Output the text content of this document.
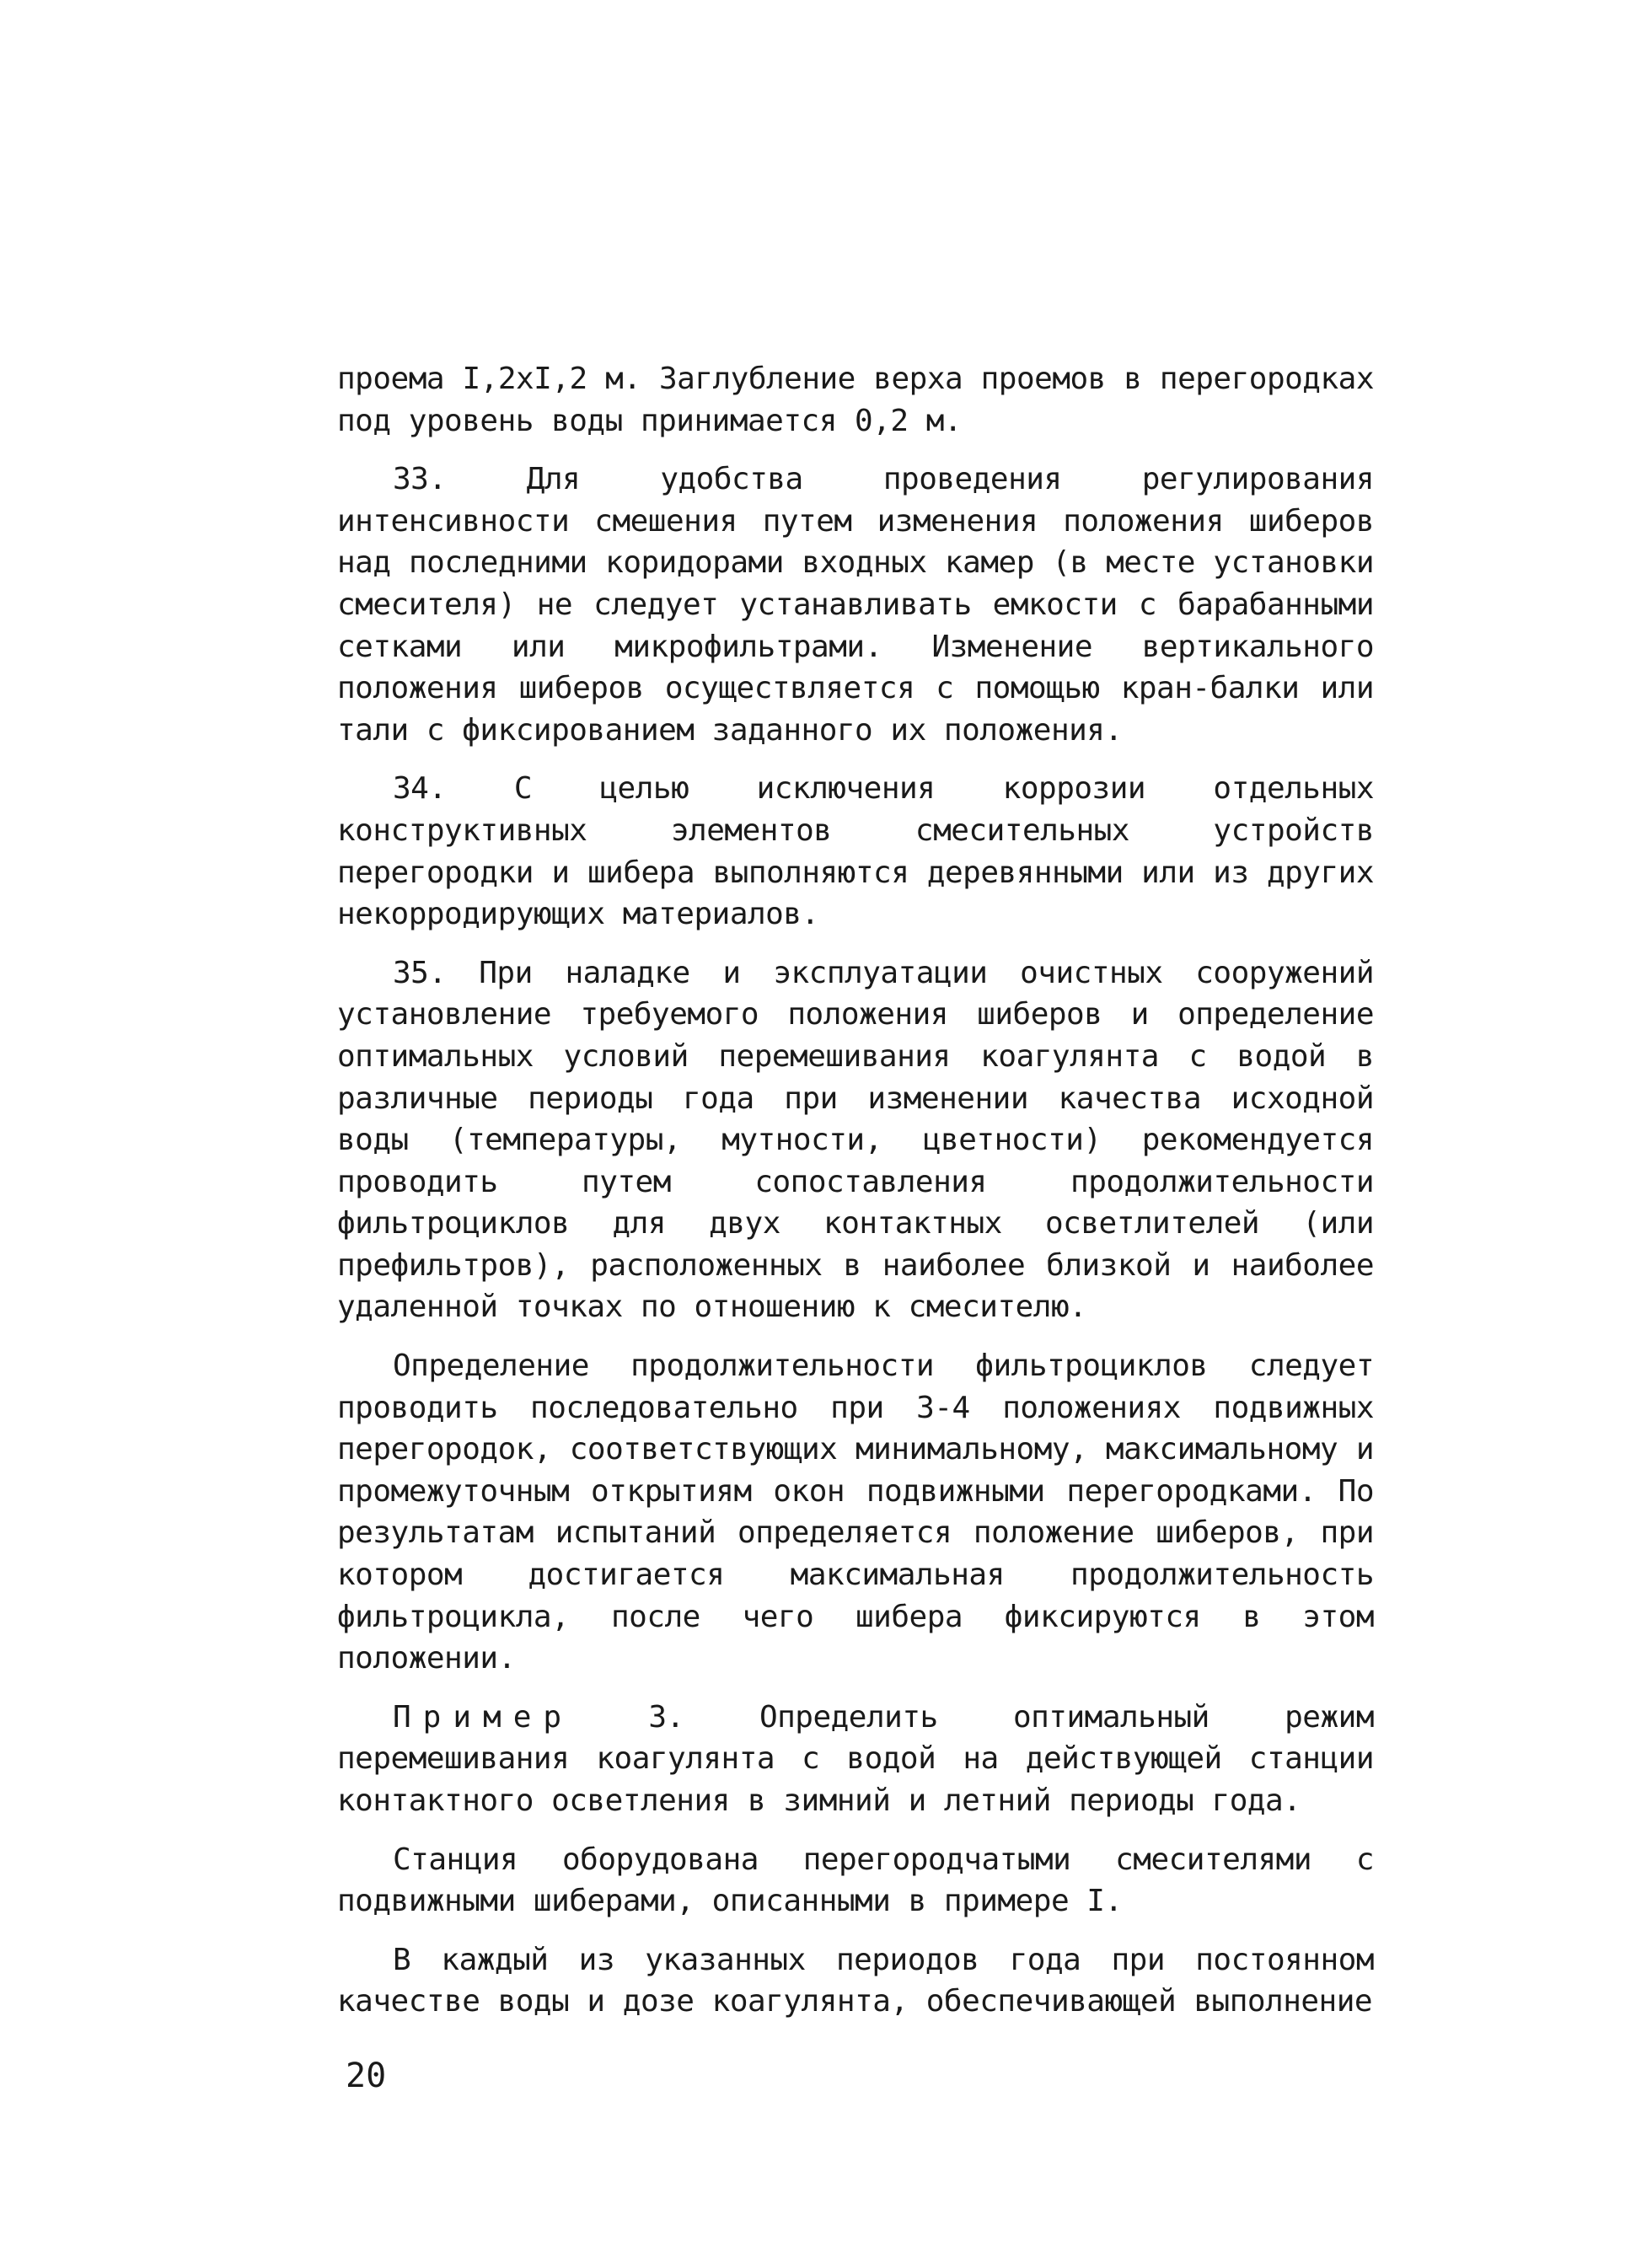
проема I,2xI,2 м. Заглубление верха проемов в перегородках под уровень воды принимается 0,2 м.

33. Для удобства проведения регулирования интенсивности смешения путем изменения положения шиберов над последними коридорами входных камер (в месте установки смесителя) не следует устанавливать емкости с барабанными сетками или микрофильтрами. Изменение вертикального положения шиберов осуществляется с помощью кран-балки или тали с фиксированием заданного их положения.

34. С целью исключения коррозии отдельных конструктивных элементов смесительных устройств перегородки и шибера выполняются деревянными или из других некорродирующих материалов.

35. При наладке и эксплуатации очистных сооружений установление требуемого положения шиберов и определение оптимальных условий перемешивания коагулянта с водой в различные периоды года при изменении качества исходной воды (температуры, мутности, цветности) рекомендуется проводить путем сопоставления продолжительности фильтроциклов для двух контактных осветлителей (или префильтров), расположенных в наиболее близкой и наиболее удаленной точках по отношению к смесителю.

Определение продолжительности фильтроциклов следует проводить последовательно при 3-4 положениях подвижных перегородок, соответствующих минимальному, максимальному и промежуточным открытиям окон подвижными перегородками. По результатам испытаний определяется положение шиберов, при котором достигается максимальная продолжительность фильтроцикла, после чего шибера фиксируются в этом положении.

Пример 3. Определить оптимальный режим перемешивания коагулянта с водой на действующей станции контактного осветления в зимний и летний периоды года.

Станция оборудована перегородчатыми смесителями с подвижными шиберами, описанными в примере I.

В каждый из указанных периодов года при постоянном качестве воды и дозе коагулянта, обеспечивающей выполнение

20
